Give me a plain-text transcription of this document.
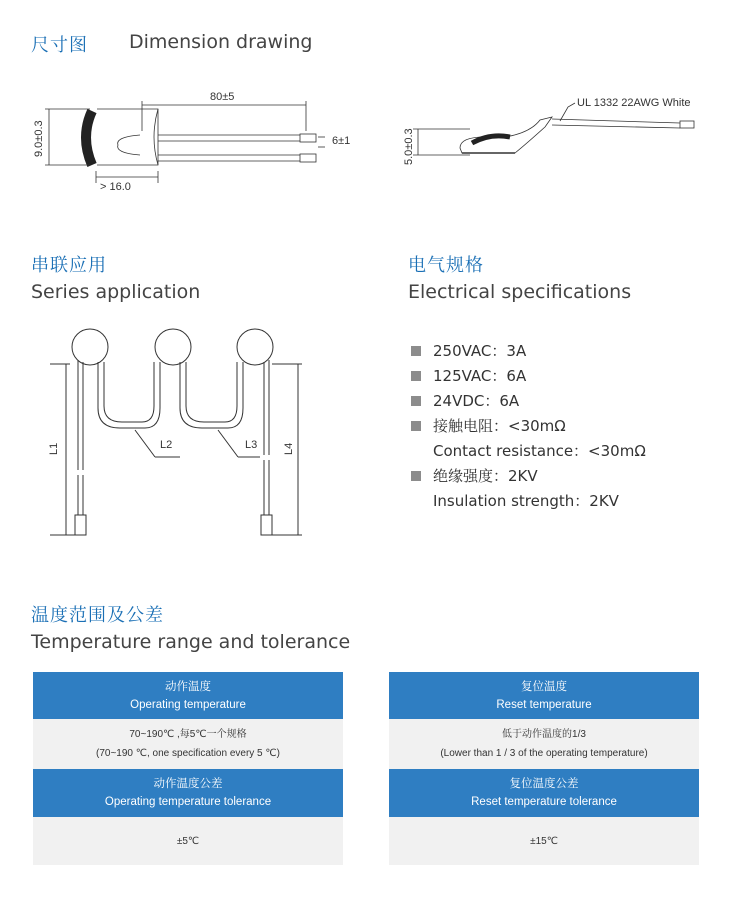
尺寸图 Dimension drawing
80±5
9.0±0.3	6±1
> 16.0
5.0±0.3
UL 1332 22AWG White
串联应用
Series application
L1	L2	L3 L4
电气规格
Electrical specifications
250VAC：3A
125VAC：6A
24VDC：6A
接触电阻：<30mΩ
Contact resistance：<30mΩ
绝缘强度：2KV
Insulation strength：2KV
温度范围及公差
Temperature range and tolerance
动作温度
Operating temperature
70~190℃ ,每5℃一个规格
(70~190 ℃, one specification every 5 ℃)
动作温度公差
Operating temperature tolerance
±5℃
复位温度
Reset temperature
低于动作温度的1/3
(Lower than 1 / 3 of the operating temperature)
复位温度公差
Reset temperature tolerance
±15℃
